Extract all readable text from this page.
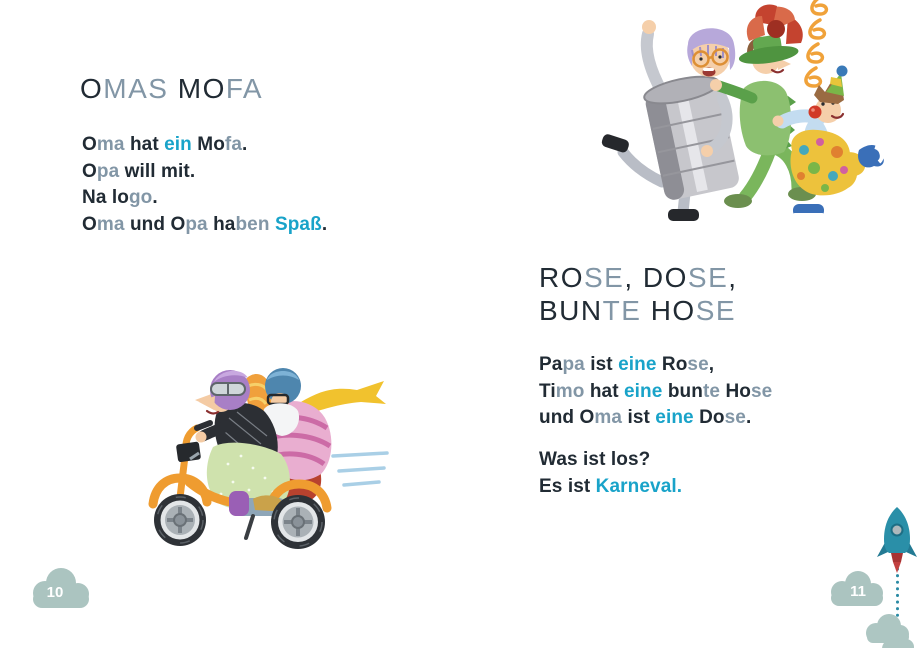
OMAS MOFA
Oma hat ein Mofa.
Opa will mit.
Na logo.
Oma und Opa haben Spaß.
10
ROSE, DOSE,
BUNTE HOSE
Papa ist eine Rose,
Timo hat eine bunte Hose
und Oma ist eine Dose.
Was ist los?
Es ist Karneval.
11
